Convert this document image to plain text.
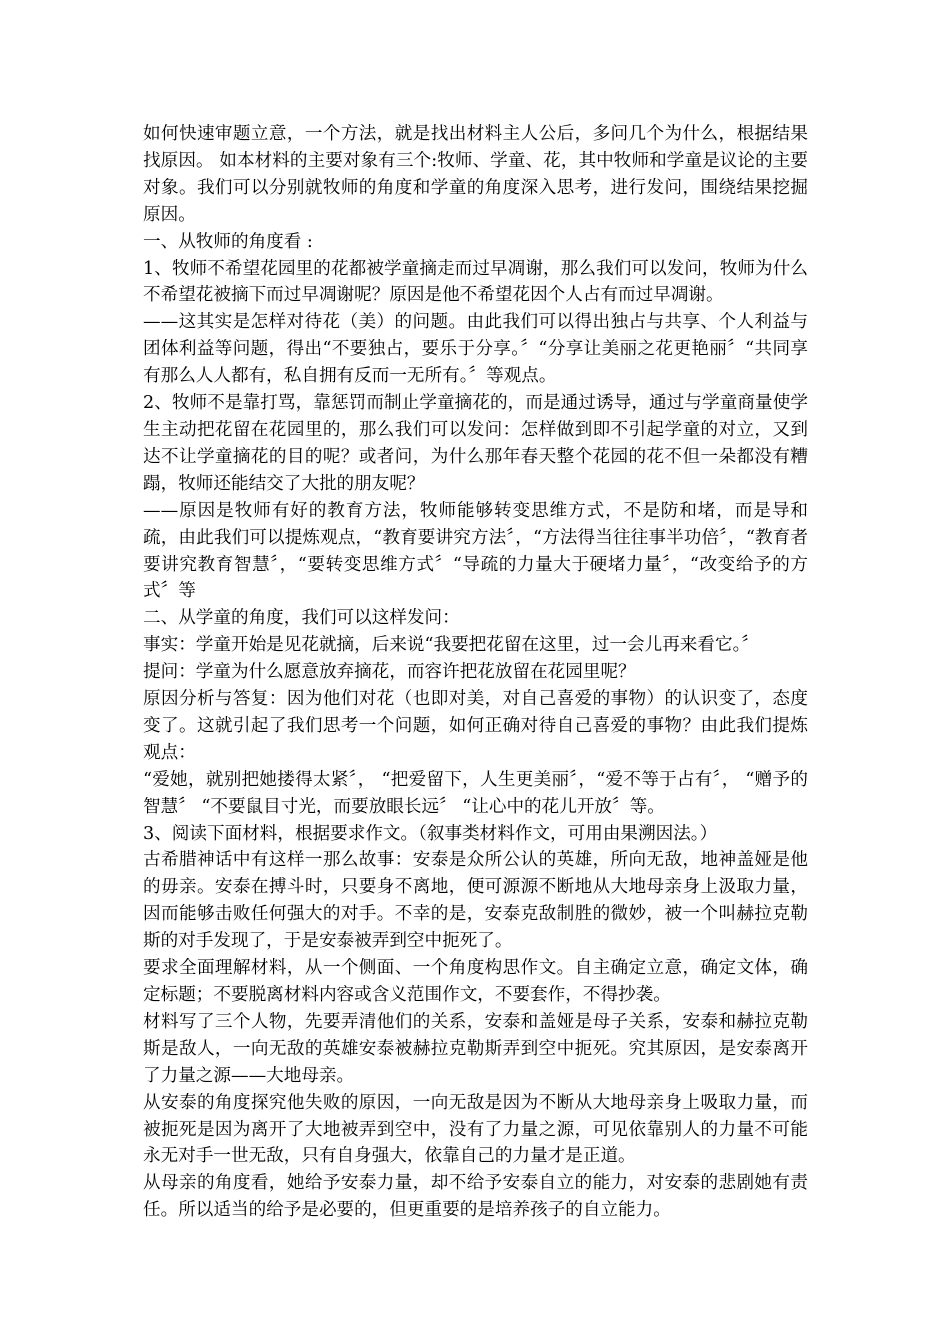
如何快速审题立意，一个方法，就是找出材料主人公后，多问几个为什么，根据结果找原因。 如本材料的主要对象有三个:牧师、学童、花，其中牧师和学童是议论的主要对象。我们可以分别就牧师的角度和学童的角度深入思考，进行发问，围绕结果挖掘原因。

一、从牧师的角度看 :

1、牧师不希望花园里的花都被学童摘走而过早凋谢，那么我们可以发问，牧师为什么不希望花被摘下而过早凋谢呢？原因是他不希望花因个人占有而过早凋谢。

——这其实是怎样对待花（美）的问题。由此我们可以得出独占与共享、个人利益与团体利益等问题，得出“不要独占，要乐于分享。〞“分享让美丽之花更艳丽〞“共同享有那么人人都有，私自拥有反而一无所有。〞等观点。

2、牧师不是靠打骂，靠惩罚而制止学童摘花的，而是通过诱导，通过与学童商量使学生主动把花留在花园里的，那么我们可以发问：怎样做到即不引起学童的对立，又到达不让学童摘花的目的呢？或者问，为什么那年春天整个花园的花不但一朵都没有糟蹋，牧师还能结交了大批的朋友呢？

——原因是牧师有好的教育方法，牧师能够转变思维方式，不是防和堵，而是导和疏，由此我们可以提炼观点，“教育要讲究方法〞，“方法得当往往事半功倍〞，“教育者要讲究教育智慧〞，“要转变思维方式〞“导疏的力量大于硬堵力量〞，“改变给予的方式〞等

二、从学童的角度，我们可以这样发问：

事实：学童开始是见花就摘，后来说“我要把花留在这里，过一会儿再来看它。〞

提问：学童为什么愿意放弃摘花，而容许把花放留在花园里呢？

原因分析与答复：因为他们对花（也即对美，对自己喜爱的事物）的认识变了，态度变了。这就引起了我们思考一个问题，如何正确对待自己喜爱的事物？由此我们提炼观点：

“爱她，就别把她搂得太紧〞， “把爱留下，人生更美丽〞，“爱不等于占有〞， “赠予的智慧〞 “不要鼠目寸光，而要放眼长远〞 “让心中的花儿开放〞等。

3、阅读下面材料，根据要求作文。（叙事类材料作文，可用由果溯因法。）

古希腊神话中有这样一那么故事：安泰是众所公认的英雄，所向无敌，地神盖娅是他的毋亲。安泰在搏斗时，只要身不离地，便可源源不断地从大地母亲身上汲取力量，因而能够击败任何强大的对手。不幸的是，安泰克敌制胜的微妙，被一个叫赫拉克勒斯的对手发现了，于是安泰被弄到空中扼死了。

要求全面理解材料，从一个侧面、一个角度构思作文。自主确定立意，确定文体，确定标题；不要脱离材料内容或含义范围作文，不要套作，不得抄袭。

材料写了三个人物，先要弄清他们的关系，安泰和盖娅是母子关系，安泰和赫拉克勒斯是敌人，一向无敌的英雄安泰被赫拉克勒斯弄到空中扼死。究其原因，是安泰离开了力量之源——大地母亲。

从安泰的角度探究他失败的原因，一向无敌是因为不断从大地母亲身上吸取力量，而被扼死是因为离开了大地被弄到空中，没有了力量之源，可见依靠别人的力量不可能永无对手一世无敌，只有自身强大，依靠自己的力量才是正道。

从母亲的角度看，她给予安泰力量，却不给予安泰自立的能力，对安泰的悲剧她有责任。所以适当的给予是必要的，但更重要的是培养孩子的自立能力。
